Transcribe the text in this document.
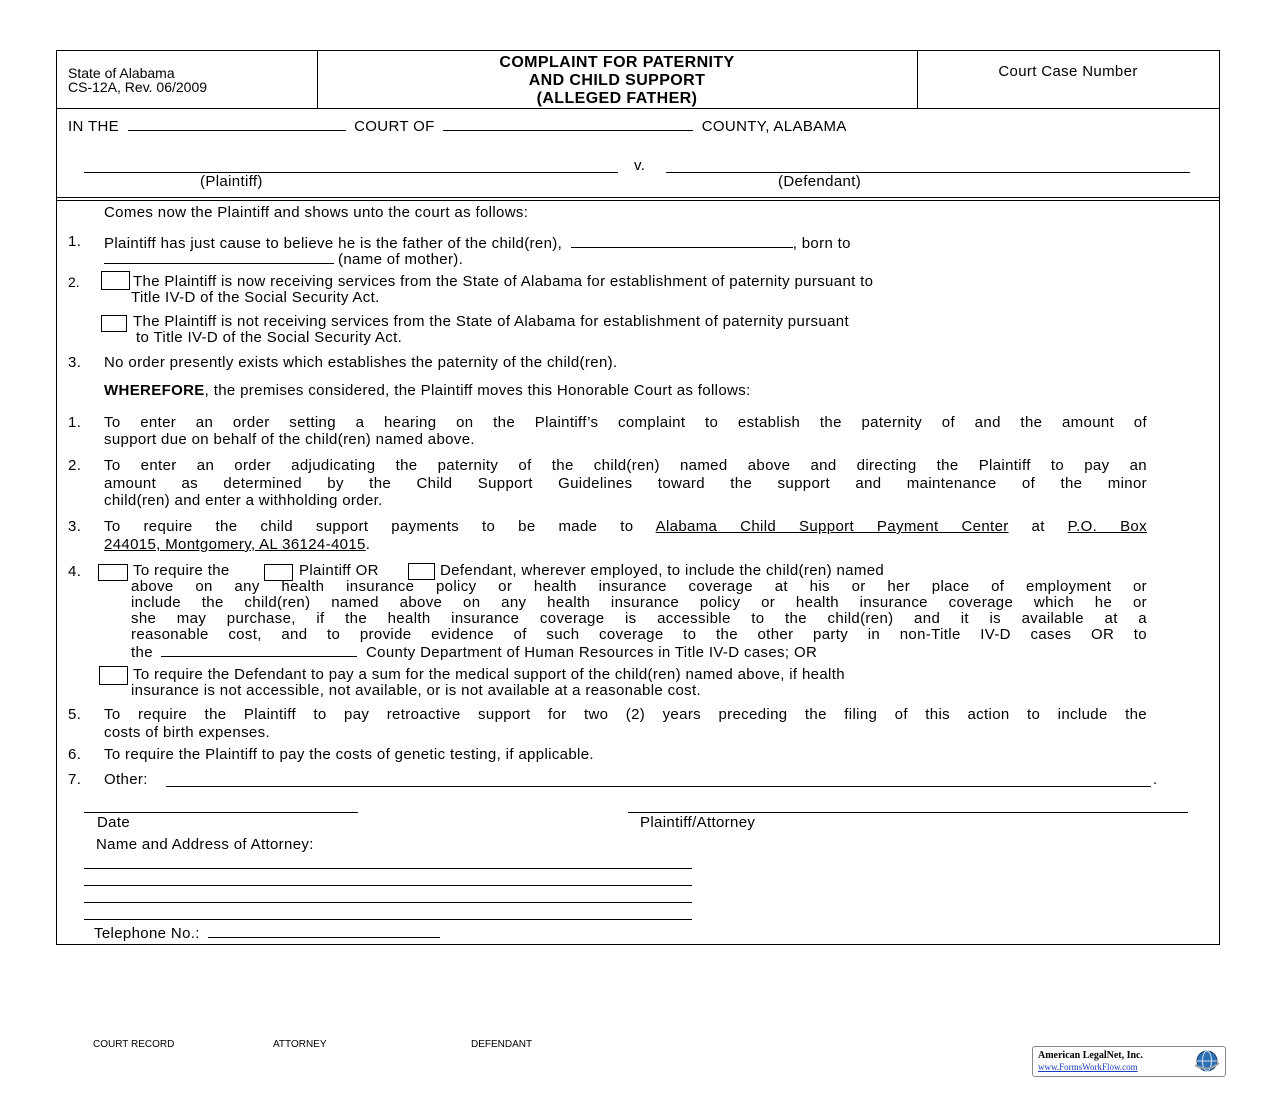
State of Alabama
CS-12A, Rev. 06/2009
COMPLAINT FOR PATERNITY
AND CHILD SUPPORT
(ALLEGED FATHER)
Court Case Number
IN THE	COURT OF	COUNTY, ALABAMA
v.
(Plaintiff)	(Defendant)
Comes now the Plaintiff and shows unto the court as follows:
1. Plaintiff has just cause to believe he is the father of the child(ren),	, born to
(name of mother).
2.	The Plaintiff is now receiving services from the State of Alabama for establishment of paternity pursuant to
Title IV-D of the Social Security Act.
The Plaintiff is not receiving services from the State of Alabama for establishment of paternity pursuant
to Title IV-D of the Social Security Act.
3. No order presently exists which establishes the paternity of the child(ren).
WHEREFORE, the premises considered, the Plaintiff moves this Honorable Court as follows:
1. To enter an order setting a hearing on the Plaintiff’s complaint to establish the paternity of and the amount of
support due on behalf of the child(ren) named above.
2. To enter an order adjudicating the paternity of the child(ren) named above and directing the Plaintiff to pay an
amount as determined by the Child Support Guidelines toward the support and maintenance of the minor
child(ren) and enter a withholding order.
3. To require the child support payments to be made to Alabama Child Support Payment Center at P.O. Box
244015, Montgomery, AL 36124-4015.
4.	To require the	Plaintiff OR	Defendant, wherever employed, to include the child(ren) named
above on any health insurance policy or health insurance coverage at his or her place of employment or
include the child(ren) named above on any health insurance policy or health insurance coverage which he or
she may purchase, if the health insurance coverage is accessible to the child(ren) and it is available at a
reasonable cost, and to provide evidence of such coverage to the other party in non-Title IV-D cases OR to
the	County Department of Human Resources in Title IV-D cases; OR
To require the Defendant to pay a sum for the medical support of the child(ren) named above, if health
insurance is not accessible, not available, or is not available at a reasonable cost.
5. To require the Plaintiff to pay retroactive support for two (2) years preceding the filing of this action to include the
costs of birth expenses.
6. To require the Plaintiff to pay the costs of genetic testing, if applicable.
7. Other:	.
Date	Plaintiff/Attorney
Name and Address of Attorney:
Telephone No.:
COURT RECORD	ATTORNEY	DEFENDANT
American LegalNet, Inc.
www.FormsWorkFlow.com
